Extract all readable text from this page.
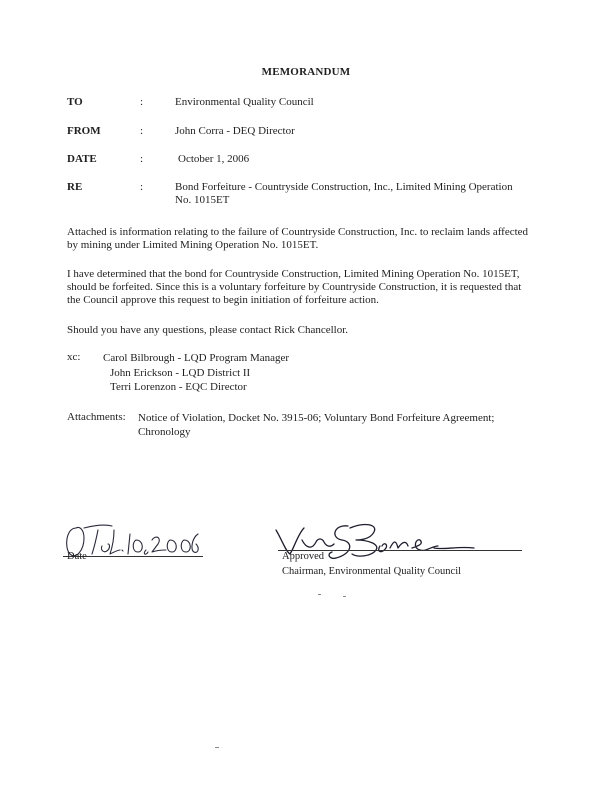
MEMORANDUM
TO	:	Environmental Quality Council
FROM	:	John Corra - DEQ Director
DATE	:	October 1, 2006
RE	:	Bond Forfeiture - Countryside Construction, Inc., Limited Mining Operation No. 1015ET
Attached is information relating to the failure of Countryside Construction, Inc. to reclaim lands affected by mining under Limited Mining Operation No. 1015ET.
I have determined that the bond for Countryside Construction, Limited Mining Operation No. 1015ET, should be forfeited. Since this is a voluntary forfeiture by Countryside Construction, it is requested that the Council approve this request to begin initiation of forfeiture action.
Should you have any questions, please contact Rick Chancellor.
xc: Carol Bilbrough - LQD Program Manager
John Erickson - LQD District II
Terri Lorenzon - EQC Director
Attachments: Notice of Violation, Docket No. 3915-06; Voluntary Bond Forfeiture Agreement; Chronology
Date	Approved
Chairman, Environmental Quality Council
